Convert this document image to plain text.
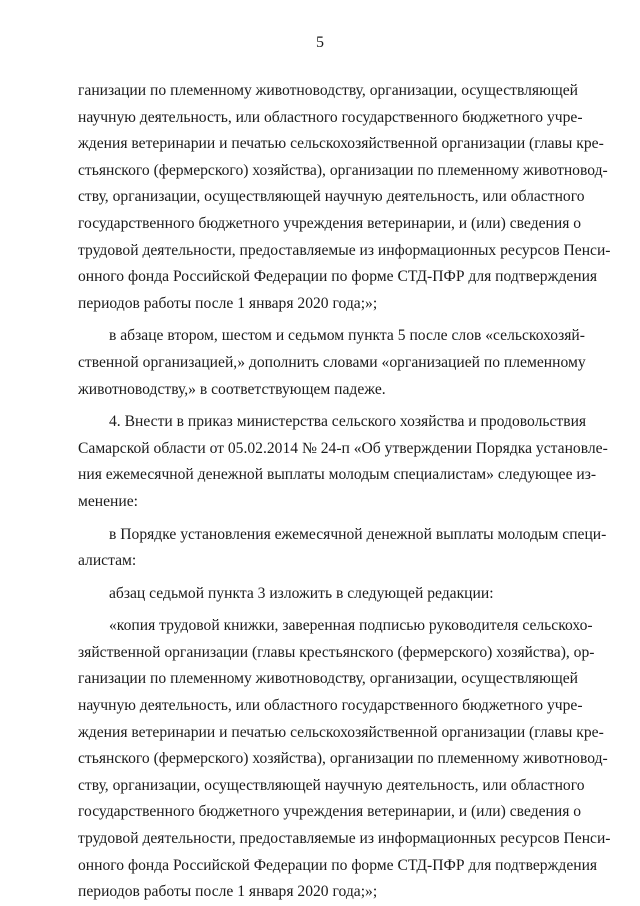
5
ганизации по племенному животноводству, организации, осуществляющей
научную деятельность, или областного государственного бюджетного учре-
ждения ветеринарии и печатью сельскохозяйственной организации (главы кре-
стьянского (фермерского) хозяйства), организации по племенному животновод-
ству, организации, осуществляющей научную деятельность, или областного
государственного бюджетного учреждения ветеринарии, и (или) сведения о
трудовой деятельности, предоставляемые из информационных ресурсов Пенси-
онного фонда Российской Федерации по форме СТД-ПФР для подтверждения
периодов работы после 1 января 2020 года;»;
в абзаце втором, шестом и седьмом пункта 5 после слов «сельскохозяй-
ственной организацией,» дополнить словами «организацией по племенному
животноводству,» в соответствующем падеже.
4. Внести в приказ министерства сельского хозяйства и продовольствия
Самарской области от 05.02.2014 № 24-п «Об утверждении Порядка установле-
ния ежемесячной денежной выплаты молодым специалистам» следующее из-
менение:
в Порядке установления ежемесячной денежной выплаты молодым специ-
алистам:
абзац седьмой пункта 3 изложить в следующей редакции:
«копия трудовой книжки, заверенная подписью руководителя сельскохо-
зяйственной организации (главы крестьянского (фермерского) хозяйства), ор-
ганизации по племенному животноводству, организации, осуществляющей
научную деятельность, или областного государственного бюджетного учре-
ждения ветеринарии и печатью сельскохозяйственной организации (главы кре-
стьянского (фермерского) хозяйства), организации по племенному животновод-
ству, организации, осуществляющей научную деятельность, или областного
государственного бюджетного учреждения ветеринарии, и (или) сведения о
трудовой деятельности, предоставляемые из информационных ресурсов Пенси-
онного фонда Российской Федерации по форме СТД-ПФР для подтверждения
периодов работы после 1 января 2020 года;»;
